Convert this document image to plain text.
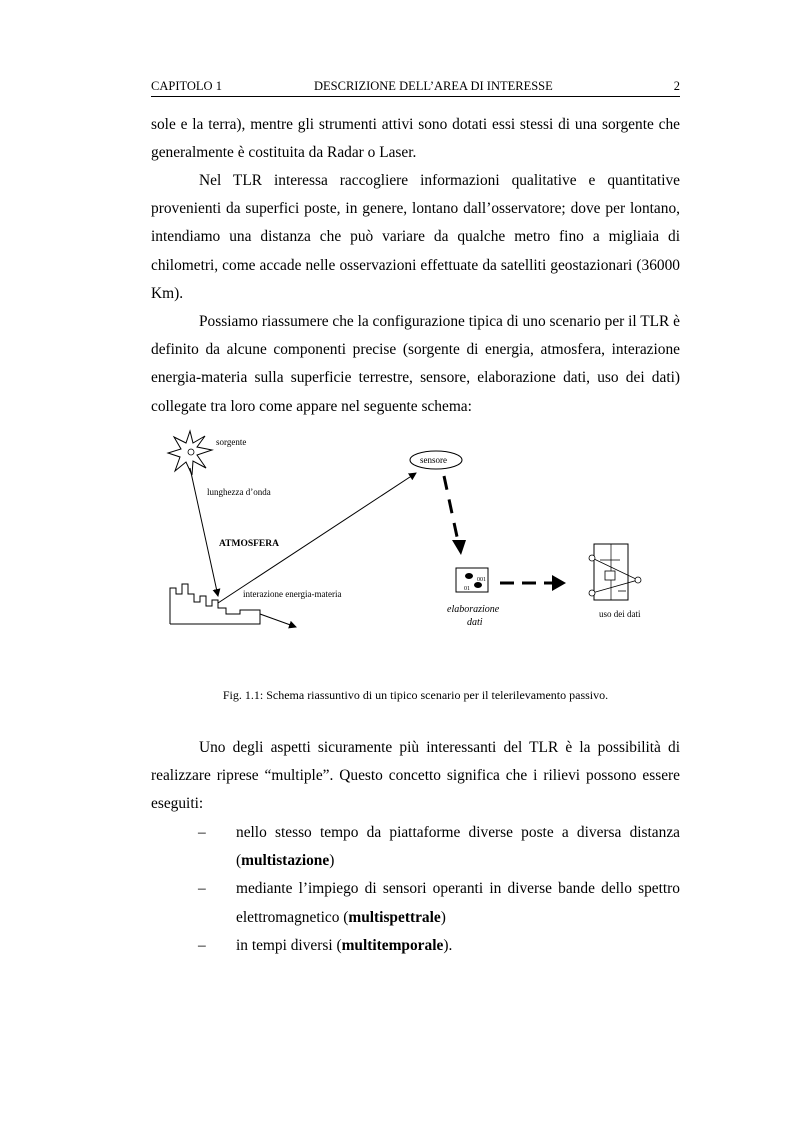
CAPITOLO 1	DESCRIZIONE DELL’AREA DI INTERESSE	2

sole e la terra), mentre gli strumenti attivi sono dotati essi stessi di una sorgente che generalmente è costituita da Radar o Laser.

Nel TLR interessa raccogliere informazioni qualitative e quantitative provenienti da superfici poste, in genere, lontano dall’osservatore; dove per lontano, intendiamo una distanza che può variare da qualche metro fino a migliaia di chilometri, come accade nelle osservazioni effettuate da satelliti geostazionari (36000 Km).

Possiamo riassumere che la configurazione tipica di uno scenario per il TLR è definito da alcune componenti precise (sorgente di energia, atmosfera, interazione energia-materia sulla superficie terrestre, sensore, elaborazione dati, uso dei dati) collegate tra loro come appare nel seguente schema:

sorgente
lunghezza d’onda
ATMOSFERA
interazione energia-materia
sensore
001
01
elaborazione
dati
uso dei dati
Fig. 1.1: Schema riassuntivo di un tipico scenario per il telerilevamento passivo.

Uno degli aspetti sicuramente più interessanti del TLR è la possibilità di realizzare riprese “multiple”. Questo concetto significa che i rilievi possono essere eseguiti:

– nello stesso tempo da piattaforme diverse poste a diversa distanza (multistazione)
– mediante l’impiego di sensori operanti in diverse bande dello spettro elettromagnetico (multispettrale)
– in tempi diversi (multitemporale).
